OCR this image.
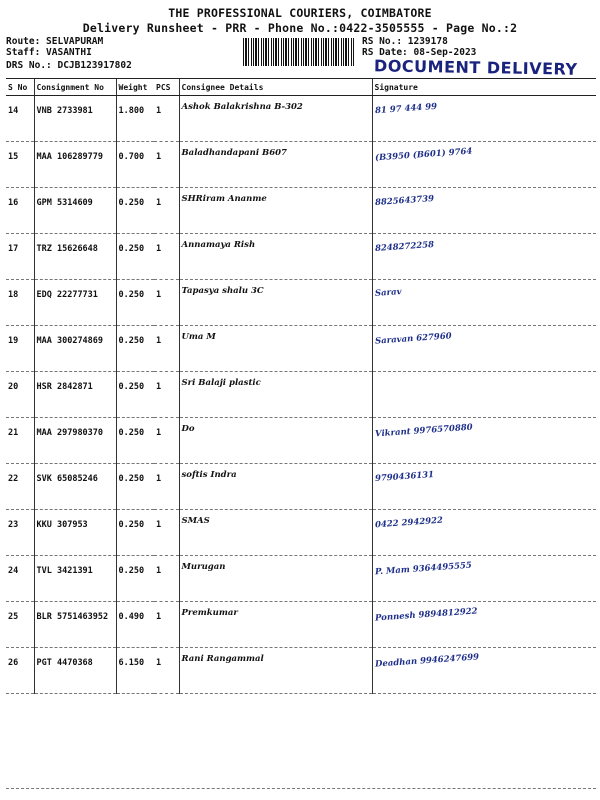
THE PROFESSIONAL COURIERS, COIMBATORE
Delivery Runsheet - PRR - Phone No.:0422-3505555 - Page No.:2
Route: SELVAPURAM
Staff: VASANTHI
DRS No.: DCJB123917802
RS No.: 1239178
RS Date: 08-Sep-2023
DOCUMENT DELIVERY
S No	Consignment No	Weight	PCS	Consignee Details	Signature
14	VNB 2733981	1.800	1	Ashok Balakrishna B-302	81 97 444 99
15	MAA 106289779	0.700	1	Baladhandapani B607	(B3950 (B601) 9764
16	GPM 5314609	0.250	1	SHRiram Ananme	8825643739
17	TRZ 15626648	0.250	1	Annamaya Rish	8248272258
18	EDQ 22277731	0.250	1	Tapasya shalu 3C	Sarav
19	MAA 300274869	0.250	1	Uma M	Saravan 627960
20	HSR 2842871	0.250	1	Sri Balaji plastic	
21	MAA 297980370	0.250	1	Do	Vikrant 9976570880
22	SVK 65085246	0.250	1	softis Indra	9790436131
23	KKU 307953	0.250	1	SMAS	0422 2942922
24	TVL 3421391	0.250	1	Murugan	P. Mam 9364495555
25	BLR 5751463952	0.490	1	Premkumar	Ponnesh 9894812922
26	PGT 4470368	6.150	1	Rani Rangammal	Deadhan 9946247699
